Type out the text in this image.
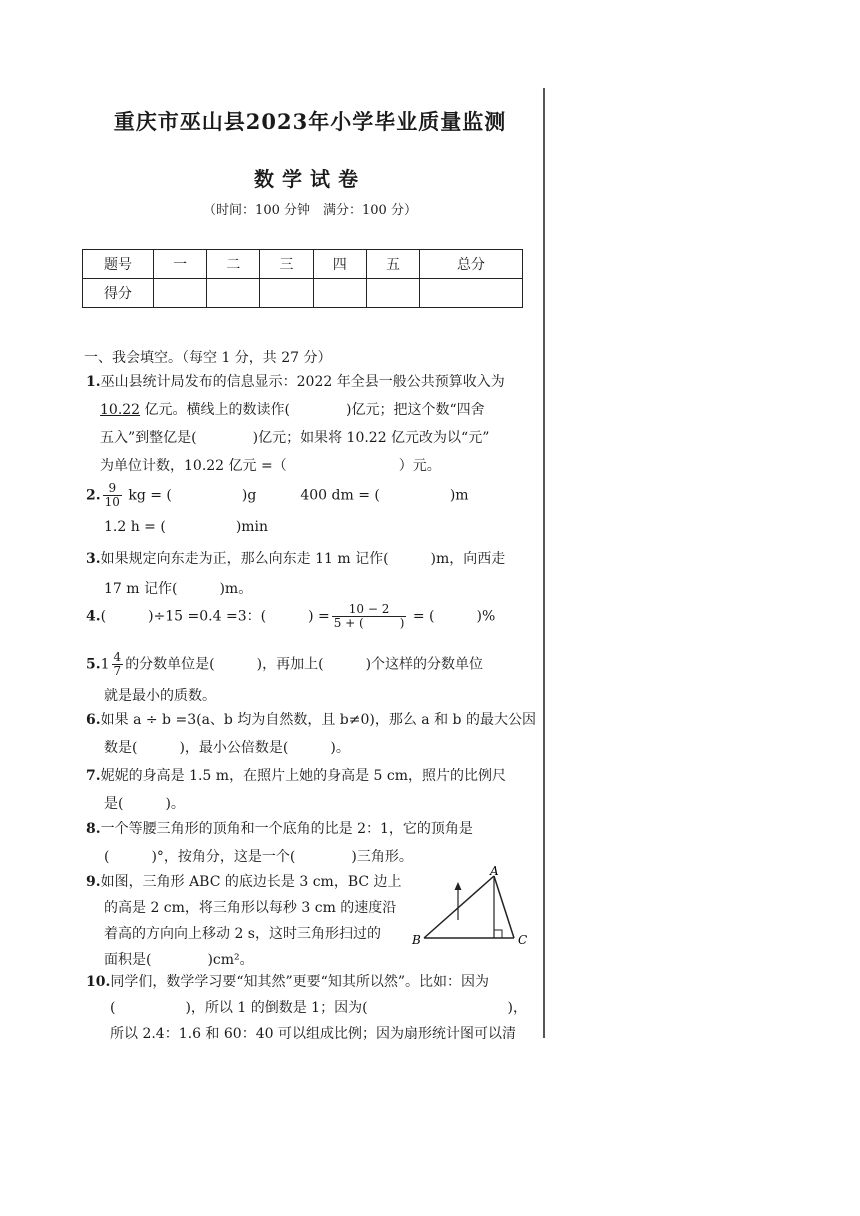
重庆市巫山县2023年小学毕业质量监测
数学试卷
（时间：100 分钟　满分：100 分）
题号	一	二	三	四	五	总分
得分						
一、我会填空。（每空 1 分，共 27 分）
1.巫山县统计局发布的信息显示：2022 年全县一般公共预算收入为
10.22 亿元。横线上的数读作(　　　　)亿元；把这个数“四舍
五入”到整亿是(　　　　)亿元；如果将 10.22 亿元改为以“元”
为单位计数，10.22 亿元 =（　　　　　　　　）元。
2. $\frac{9}{10}$ kg = (　　　　　)g	400 dm = (　　　　　)m
1.2 h = (　　　　　)min
3.如果规定向东走为正，那么向东走 11 m 记作(　　　)m，向西走
17 m 记作(　　　)m。
4.(　　　)÷15 =0.4 =3：(　　　) = $\frac{10 - 2}{5 + ( )}$ = (　　　)%
$5.1 \frac{4}{7}$ 的分数单位是(　　　)，再加上(　　　)个这样的分数单位
就是最小的质数。
6.如果 a ÷ b =3(a、b 均为自然数，且 b≠0)，那么 a 和 b 的最大公因
数是(　　　)，最小公倍数是(　　　)。
7.妮妮的身高是 1.5 m，在照片上她的身高是 5 cm，照片的比例尺
是(　　　)。
8.一个等腰三角形的顶角和一个底角的比是 2：1，它的顶角是
(　　　)°，按角分，这是一个(　　　　)三角形。
9.如图，三角形 ABC 的底边长是 3 cm，BC 边上
的高是 2 cm，将三角形以每秒 3 cm 的速度沿
着高的方向向上移动 2 s，这时三角形扫过的
面积是(　　　　)cm²。
A
B	C
10.同学们，数学学习要“知其然”更要“知其所以然”。比如：因为
(　　　　　)，所以 1 的倒数是 1；因为(　　　　　　　　　　)，
所以 2.4：1.6 和 60：40 可以组成比例；因为扇形统计图可以清
